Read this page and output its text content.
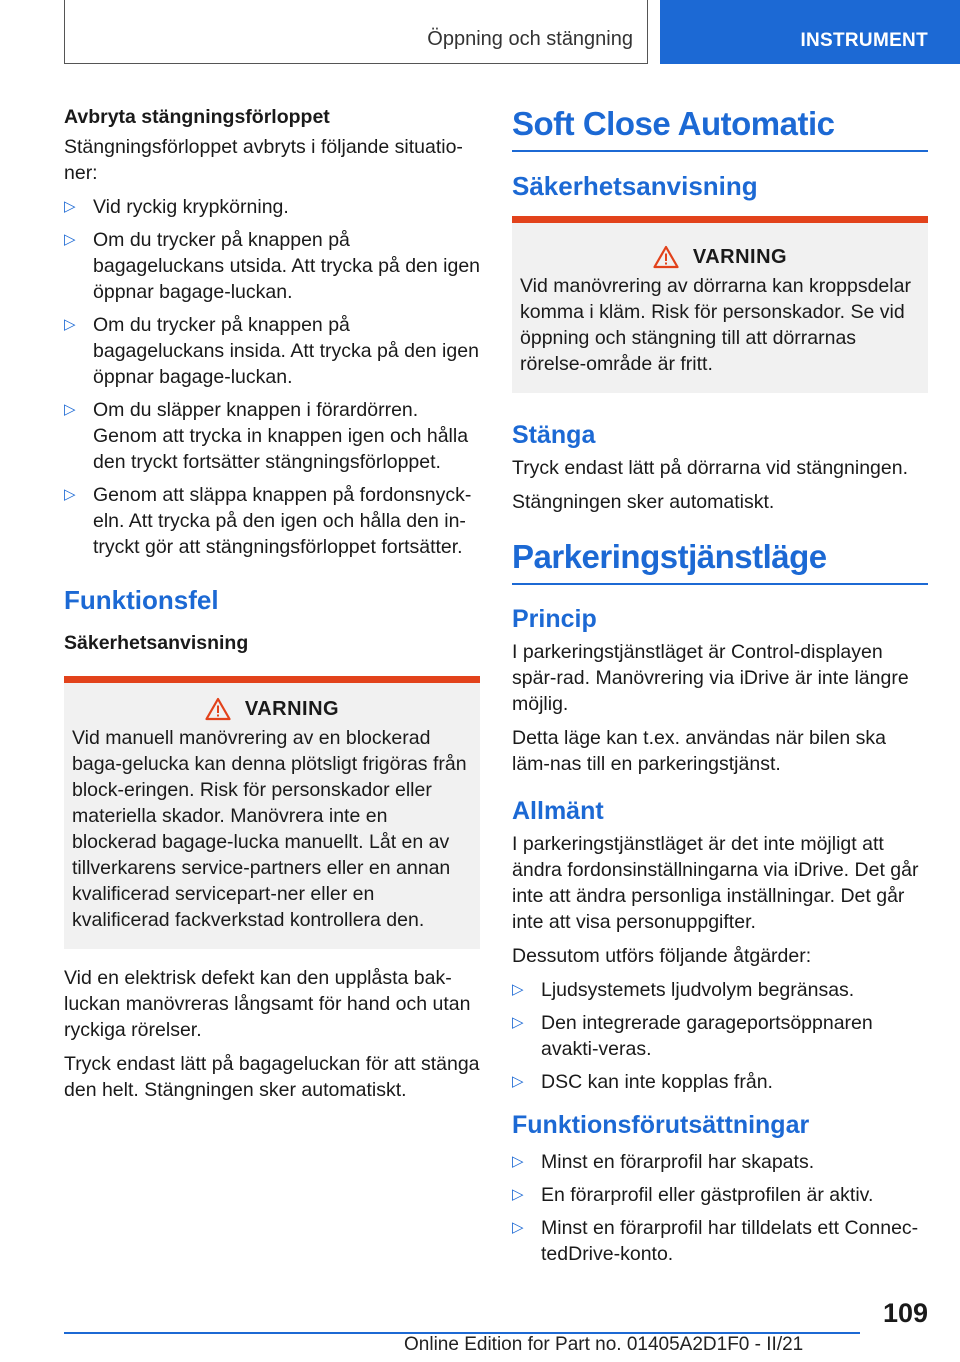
Öppning och stängning	INSTRUMENT
Avbryta stängningsförloppet

Stängningsförloppet avbryts i följande situatio-ner:

▷ Vid ryckig krypkörning.
▷ Om du trycker på knappen på bagageluckans utsida. Att trycka på den igen öppnar bagage-luckan.
▷ Om du trycker på knappen på bagageluckans insida. Att trycka på den igen öppnar bagage-luckan.
▷ Om du släpper knappen i förardörren. Genom att trycka in knappen igen och hålla den tryckt fortsätter stängningsförloppet.
▷ Genom att släppa knappen på fordonsnyck-eln. Att trycka på den igen och hålla den in-tryckt gör att stängningsförloppet fortsätter.
Funktionsfel
Säkerhetsanvisning
VARNING

Vid manuell manövrering av en blockerad baga-gelucka kan denna plötsligt frigöras från block-eringen. Risk för personskador eller materiella skador. Manövrera inte en blockerad bagage-lucka manuellt. Låt en av tillverkarens service-partners eller en annan kvalificerad servicepart-ner eller en kvalificerad fackverkstad kontrollera den.

Vid en elektrisk defekt kan den upplåsta bak-luckan manövreras långsamt för hand och utan ryckiga rörelser.

Tryck endast lätt på bagageluckan för att stänga den helt. Stängningen sker automatiskt.

Soft Close Automatic
Säkerhetsanvisning
VARNING

Vid manövrering av dörrarna kan kroppsdelar komma i kläm. Risk för personskador. Se vid öppning och stängning till att dörrarnas rörelse-område är fritt.

Stänga

Tryck endast lätt på dörrarna vid stängningen.

Stängningen sker automatiskt.

Parkeringstjänstläge
Princip

I parkeringstjänstläget är Control-displayen spär-rad. Manövrering via iDrive är inte längre möjlig.

Detta läge kan t.ex. användas när bilen ska läm-nas till en parkeringstjänst.

Allmänt

I parkeringstjänstläget är det inte möjligt att ändra fordonsinställningarna via iDrive. Det går inte att ändra personliga inställningar. Det går inte att visa personuppgifter.

Dessutom utförs följande åtgärder:

▷ Ljudsystemets ljudvolym begränsas.
▷ Den integrerade garageportsöppnaren avakti-veras.
▷ DSC kan inte kopplas från.
Funktionsförutsättningar
▷ Minst en förarprofil har skapats.
▷ En förarprofil eller gästprofilen är aktiv.
▷ Minst en förarprofil har tilldelats ett Connec-tedDrive-konto.
109
Online Edition for Part no. 01405A2D1F0 - II/21
